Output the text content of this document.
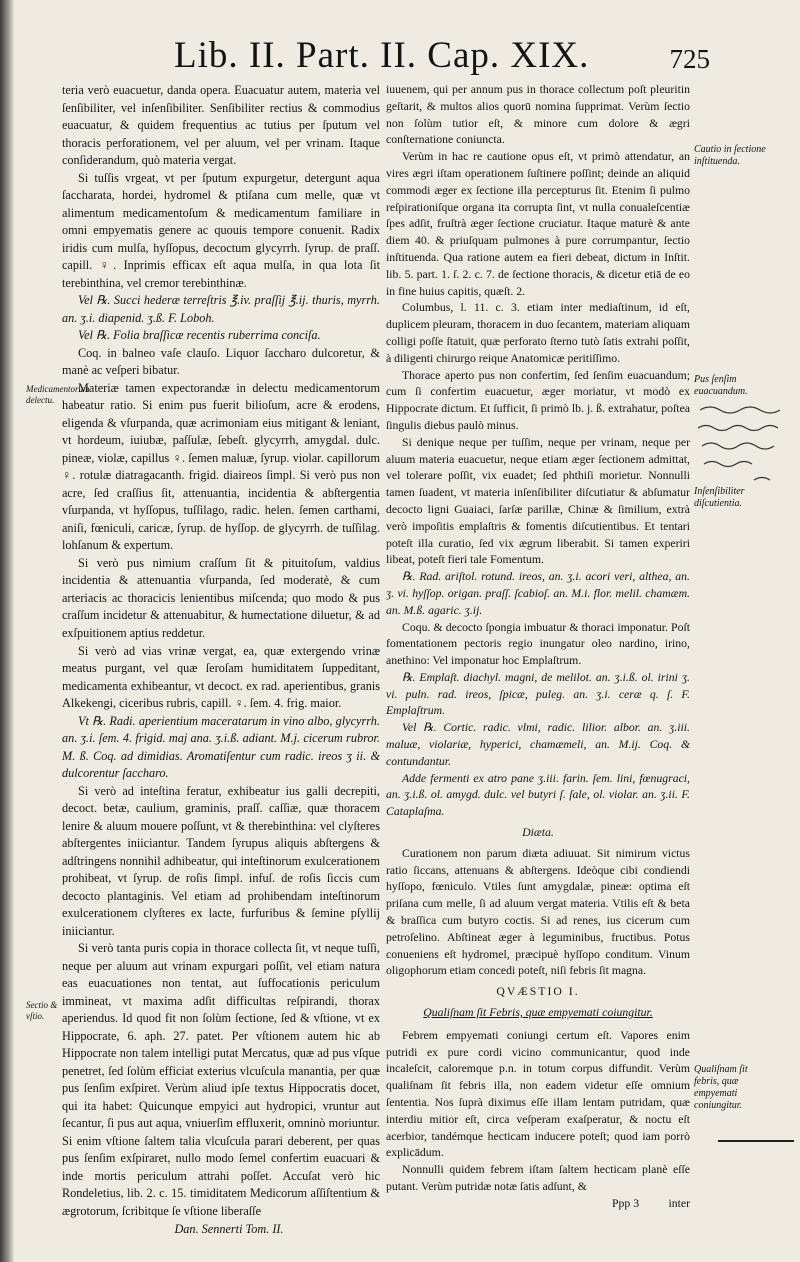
Lib. II. Part. II. Cap. XIX.	725

teria verò euacuetur, danda opera. Euacuatur autem, materia vel ſenſibiliter, vel inſenſibiliter. Senſibiliter rectius & commodius euacuatur, & quidem frequentius ac tutius per ſputum vel thoracis perforationem, vel per aluum, vel per vrinam. Itaque conſiderandum, quò materia vergat.

Si tuſſis vrgeat, vt per ſputum expurgetur, detergunt aqua ſaccharata, hordei, hydromel & ptiſana cum melle, quæ vt alimentum medicamentoſum & medicamentum familiare in omni empyematis genere ac quouis tempore conuenit. Radix iridis cum mulſa, hyſſopus, decoctum glycyrrh. ſyrup. de praſſ. capill. ♀. Inprimis efficax eſt aqua mulſa, in qua lota ſit terebinthina, vel cremor terebinthinæ.

Vel ℞. Succi hederæ terreſtris ℥.iv. praſſij ℥.ij. thuris, myrrh. an. ʒ.i. diapenid. ʒ.ß. F. Loboh.

Vel ℞. Folia braſſicæ recentis ruberrima conciſa.

Coq. in balneo vaſe clauſo. Liquor ſaccharo dulcoretur, & manè ac veſperi bibatur.

Materiæ tamen expectorandæ in delectu medicamentorum habeatur ratio. Si enim pus fuerit bilioſum, acre & erodens, eligenda & vſurpanda, quæ acrimoniam eius mitigant & leniant, vt hordeum, iuiubæ, paſſulæ, ſebeſt. glycyrrh, amygdal. dulc. pineæ, violæ, capillus ♀. ſemen maluæ, ſyrup. violar. capillorum ♀. rotulæ diatragacanth. frigid. diaireos ſimpl. Si verò pus non acre, ſed craſſius ſit, attenuantia, incidentia & abſtergentia vſurpanda, vt hyſſopus, tuſſilago, radic. helen. ſemen carthami, aniſi, fœniculi, caricæ, ſyrup. de hyſſop. de glycyrrh. de tuſſilag. lohſanum & expertum.

Si verò pus nimium craſſum ſit & pituitoſum, valdius incidentia & attenuantia vſurpanda, ſed moderatè, & cum arteriacis ac thoracicis lenientibus miſcenda; quo modo & pus craſſum incidetur & attenuabitur, & humectatione diluetur, & ad exſpuitionem aptius reddetur.

Si verò ad vias vrinæ vergat, ea, quæ extergendo vrinæ meatus purgant, vel quæ ſeroſam humiditatem ſuppeditant, medicamenta exhibeantur, vt decoct. ex rad. aperientibus, granis Alkekengi, ciceribus rubris, capill. ♀. ſem. 4. frig. maior.

Vt ℞. Radi. aperientium maceratarum in vino albo, glycyrrh. an. ʒ.i. ſem. 4. frigid. maj ana. ʒ.i.ß. adiant. M.j. cicerum rubror. M. ß. Coq. ad dimidias. Aromatiſentur cum radic. ireos ʒ ii. & dulcorentur ſaccharo.

Si verò ad inteſtina feratur, exhibeatur ius galli decrepiti, decoct. betæ, caulium, graminis, praſſ. caſſiæ, quæ thoracem lenire & aluum mouere poſſunt, vt & therebinthina: vel clyſteres abſtergentes iniiciantur. Tandem ſyrupus aliquis abſtergens & adſtringens nonnihil adhibeatur, qui inteſtinorum exulcerationem prohibeat, vt ſyrup. de roſis ſimpl. infuſ. de roſis ſiccis cum decocto plantaginis. Vel etiam ad prohibendam inteſtinorum exulcerationem clyſteres ex lacte, furfuribus & ſemine pſyllij iniiciantur.

Si verò tanta puris copia in thorace collecta ſit, vt neque tuſſi, neque per aluum aut vrinam expurgari poſſit, vel etiam natura eas euacuationes non tentat, aut ſuffocationis periculum immineat, vt maxima adſit difficultas reſpirandi, thorax aperiendus. Id quod fit non ſolùm ſectione, ſed & vſtione, vt ex Hippocrate, 6. aph. 27. patet. Per vſtionem autem hic ab Hippocrate non talem intelligi putat Mercatus, quæ ad pus vſque penetret, ſed ſolùm efficiat exterius vlcuſcula manantia, per quæ pus ſenſim exſpiret. Verùm aliud ipſe textus Hippocratis docet, qui ita habet: Quicunque empyici aut hydropici, vruntur aut ſecantur, ſi pus aut aqua, vniuerſim effluxerit, omninò moriuntur. Si enim vſtione ſaltem talia vlcuſcula parari deberent, per quas pus ſenſim exſpiraret, nullo modo ſemel confertim euacuari & inde mortis periculum attrahi poſſet. Accuſat verò hic Rondeletius, lib. 2. c. 15. timiditatem Medicorum aſſiſtentium & ægrotorum, ſcribitque ſe vſtione liberaſſe

Dan. Sennerti Tom. II.

iuuenem, qui per annum pus in thorace collectum poſt pleuritin geſtarit, & multos alios quorū nomina ſupprimat. Verùm ſectio non ſolùm tutior eſt, & minore cum dolore & ægri conſternatione coniuncta.

Verùm in hac re cautione opus eſt, vt primò attendatur, an vires ægri iſtam operationem ſuſtinere poſſint; deinde an aliquid commodi æger ex ſectione illa percepturus ſit. Etenim ſi pulmo reſpirationiſque organa ita corrupta ſint, vt nulla conualeſcentiæ ſpes adſit, fruſtrà æger ſectione cruciatur. Itaque maturè & ante diem 40. & priuſquam pulmones à pure corrumpantur, ſectio inſtituenda. Qua ratione autem ea fieri debeat, dictum in Inſtit. lib. 5. part. 1. ſ. 2. c. 7. de ſectione thoracis, & dicetur etiā de eo in fine huius capitis, quæſt. 2.

Columbus, l. 11. c. 3. etiam inter mediaſtinum, id eſt, duplicem pleuram, thoracem in duo ſecantem, materiam aliquam colligi poſſe ſtatuit, quæ perforato ſterno tutò ſatis extrahi poſſit, à diligenti chirurgo reique Anatomicæ peritiſſimo.

Thorace aperto pus non confertim, ſed ſenſim euacuandum; cum ſi confertim euacuetur, æger moriatur, vt modò ex Hippocrate dictum. Et ſufficit, ſi primò lb. j. ß. extrahatur, poſtea ſingulis diebus paulò minus.

Si denique neque per tuſſim, neque per vrinam, neque per aluum materia euacuetur, neque etiam æger ſectionem admittat, vel tolerare poſſit, vix euadet; ſed phthiſi morietur. Nonnulli tamen ſuadent, vt materia inſenſibiliter diſcutiatur & abſumatur decocto ligni Guaiaci, ſarſæ parillæ, Chinæ & ſimilium, extrà verò impoſitis emplaſtris & fomentis diſcutientibus. Et tentari poteſt illa curatio, ſed vix ægrum liberabit. Si tamen experiri libeat, poteſt fieri tale Fomentum.

℞. Rad. ariſtol. rotund. ireos, an. ʒ.i. acori veri, althea, an. ʒ. vi. hyſſop. origan. praſſ. ſcabioſ. an. M.i. flor. melil. chamæm. an. M.ß. agaric. ʒ.ij.

Coqu. & decocto ſpongia imbuatur & thoraci imponatur. Poſt fomentationem pectoris regio inungatur oleo nardino, irino, anethino: Vel imponatur hoc Emplaſtrum.

℞. Emplaſt. diachyl. magni, de melilot. an. ʒ.i.ß. ol. irini ʒ. vi. puln. rad. ireos, ſpicæ, puleg. an. ʒ.i. ceræ q. ſ. F. Emplaſtrum.

Vel ℞. Cortic. radic. vlmi, radic. lilior. albor. an. ʒ.iii. maluæ, violariæ, hyperici, chamæmeli, an. M.ij. Coq. & contundantur.

Adde fermenti ex atro pane ʒ.iii. farin. ſem. lini, fœnugraci, an. ʒ.i.ß. ol. amygd. dulc. vel butyri ſ. ſale, ol. violar. an. ʒ.ii. F. Cataplaſma.

Diæta.

Curationem non parum diæta adiuuat. Sit nimirum victus ratio ſiccans, attenuans & abſtergens. Ideòque cibi condiendi hyſſopo, fœniculo. Vtiles ſunt amygdalæ, pineæ: optima eſt priſana cum melle, ſi ad aluum vergat materia. Vtilis eſt & beta & braſſica cum butyro coctis. Si ad renes, ius cicerum cum petroſelino. Abſtineat æger à leguminibus, fructibus. Potus conueniens eſt hydromel, præcipuè hyſſopo conditum. Vinum oligophorum etiam concedi poteſt, niſi febris ſit magna.

QVÆSTIO I.

Qualiſnam ſit Febris, quæ empyemati coiungitur.

Febrem empyemati coniungi certum eſt. Vapores enim putridi ex pure cordi vicino communicantur, quod inde incaleſcit, caloremque p.n. in totum corpus diffundit. Verùm qualiſnam ſit febris illa, non eadem videtur eſſe omnium ſententia. Nos ſuprà diximus eſſe illam lentam putridam, quæ interdiu mitior eſt, circa veſperam exaſperatur, & noctu eſt acerbior, tandémque hecticam inducere poteſt; quod iam porrò explicādum.

Nonnulli quidem febrem iſtam ſaltem hecticam planè eſſe putant. Verùm putridæ notæ ſatis adſunt, &

Ppp 3	inter

Medicamentorum delectu.
Sectio & vſtio.
Cautio in ſectione inſtituenda.
Pus ſenſim euacuandum.
Inſenſibiliter diſcutientia.
Qualiſnam ſit febris, quæ empyemati coniungitur.
